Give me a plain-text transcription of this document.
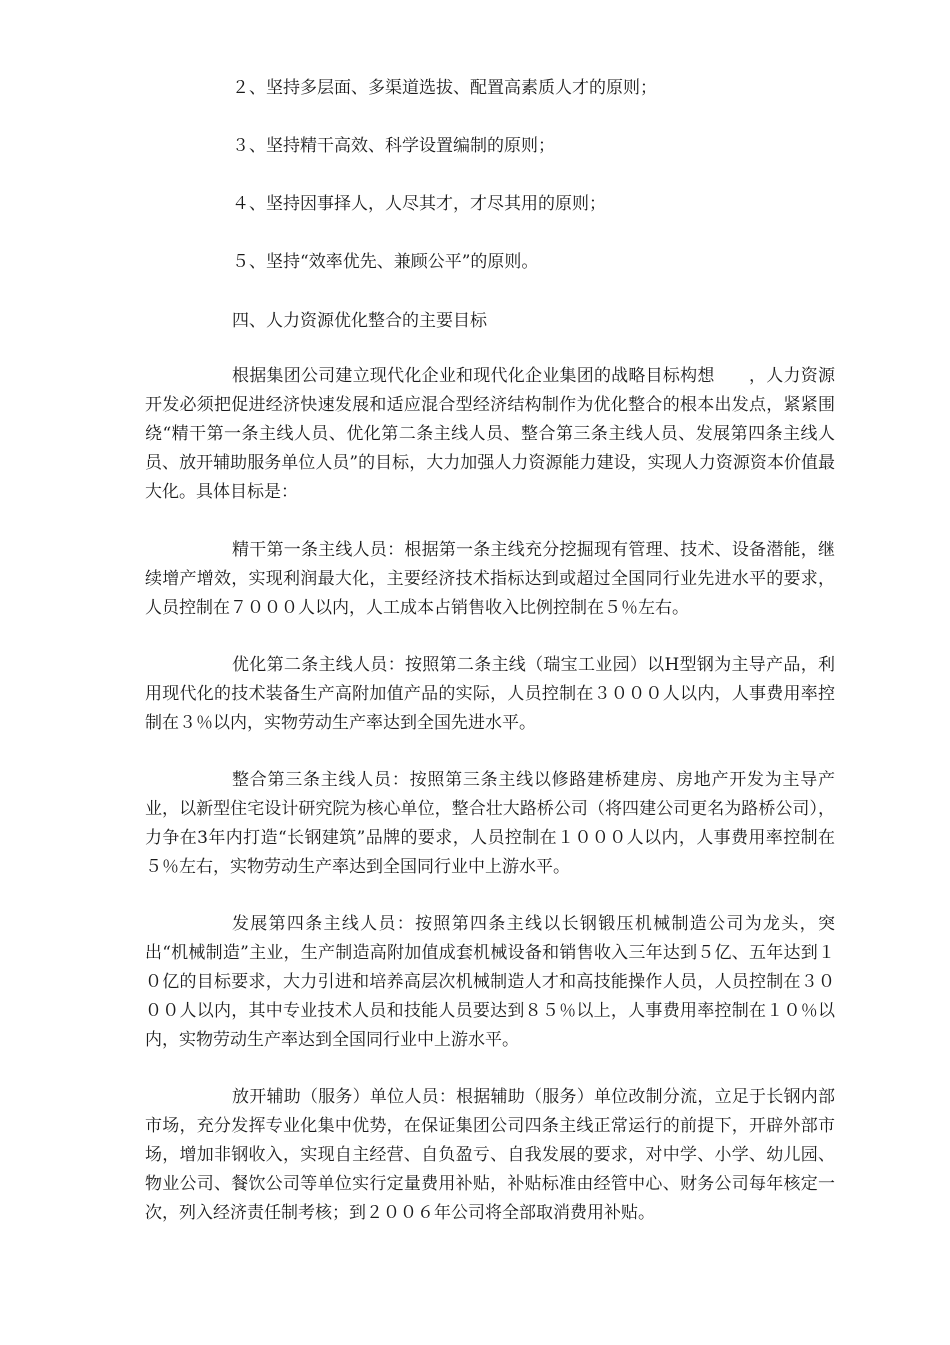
２、坚持多层面、多渠道选拔、配置高素质人才的原则；
３、坚持精干高效、科学设置编制的原则；
４、坚持因事择人，人尽其才，才尽其用的原则；
５、坚持“效率优先、兼顾公平”的原则。
四、人力资源优化整合的主要目标

根据集团公司建立现代化企业和现代化企业集团的战略目标构想　　，人力资源开发必须把促进经济快速发展和适应混合型经济结构制作为优化整合的根本出发点，紧紧围绕“精干第一条主线人员、优化第二条主线人员、整合第三条主线人员、发展第四条主线人员、放开辅助服务单位人员”的目标，大力加强人力资源能力建设，实现人力资源资本价值最大化。具体目标是：

精干第一条主线人员：根据第一条主线充分挖掘现有管理、技术、设备潜能，继续增产增效，实现利润最大化，主要经济技术指标达到或超过全国同行业先进水平的要求，人员控制在７０００人以内，人工成本占销售收入比例控制在５％左右。

优化第二条主线人员：按照第二条主线（瑞宝工业园）以H型钢为主导产品，利用现代化的技术装备生产高附加值产品的实际，人员控制在３０００人以内，人事费用率控制在３％以内，实物劳动生产率达到全国先进水平。

整合第三条主线人员：按照第三条主线以修路建桥建房、房地产开发为主导产业，以新型住宅设计研究院为核心单位，整合壮大路桥公司（将四建公司更名为路桥公司），力争在3年内打造“长钢建筑”品牌的要求，人员控制在１０００人以内，人事费用率控制在５％左右，实物劳动生产率达到全国同行业中上游水平。

发展第四条主线人员：按照第四条主线以长钢锻压机械制造公司为龙头，突出“机械制造”主业，生产制造高附加值成套机械设备和销售收入三年达到５亿、五年达到１０亿的目标要求，大力引进和培养高层次机械制造人才和高技能操作人员，人员控制在３０００人以内，其中专业技术人员和技能人员要达到８５％以上，人事费用率控制在１０％以内，实物劳动生产率达到全国同行业中上游水平。

放开辅助（服务）单位人员：根据辅助（服务）单位改制分流，立足于长钢内部市场，充分发挥专业化集中优势，在保证集团公司四条主线正常运行的前提下，开辟外部市场，增加非钢收入，实现自主经营、自负盈亏、自我发展的要求，对中学、小学、幼儿园、物业公司、餐饮公司等单位实行定量费用补贴，补贴标准由经管中心、财务公司每年核定一次，列入经济责任制考核；到２００６年公司将全部取消费用补贴。
